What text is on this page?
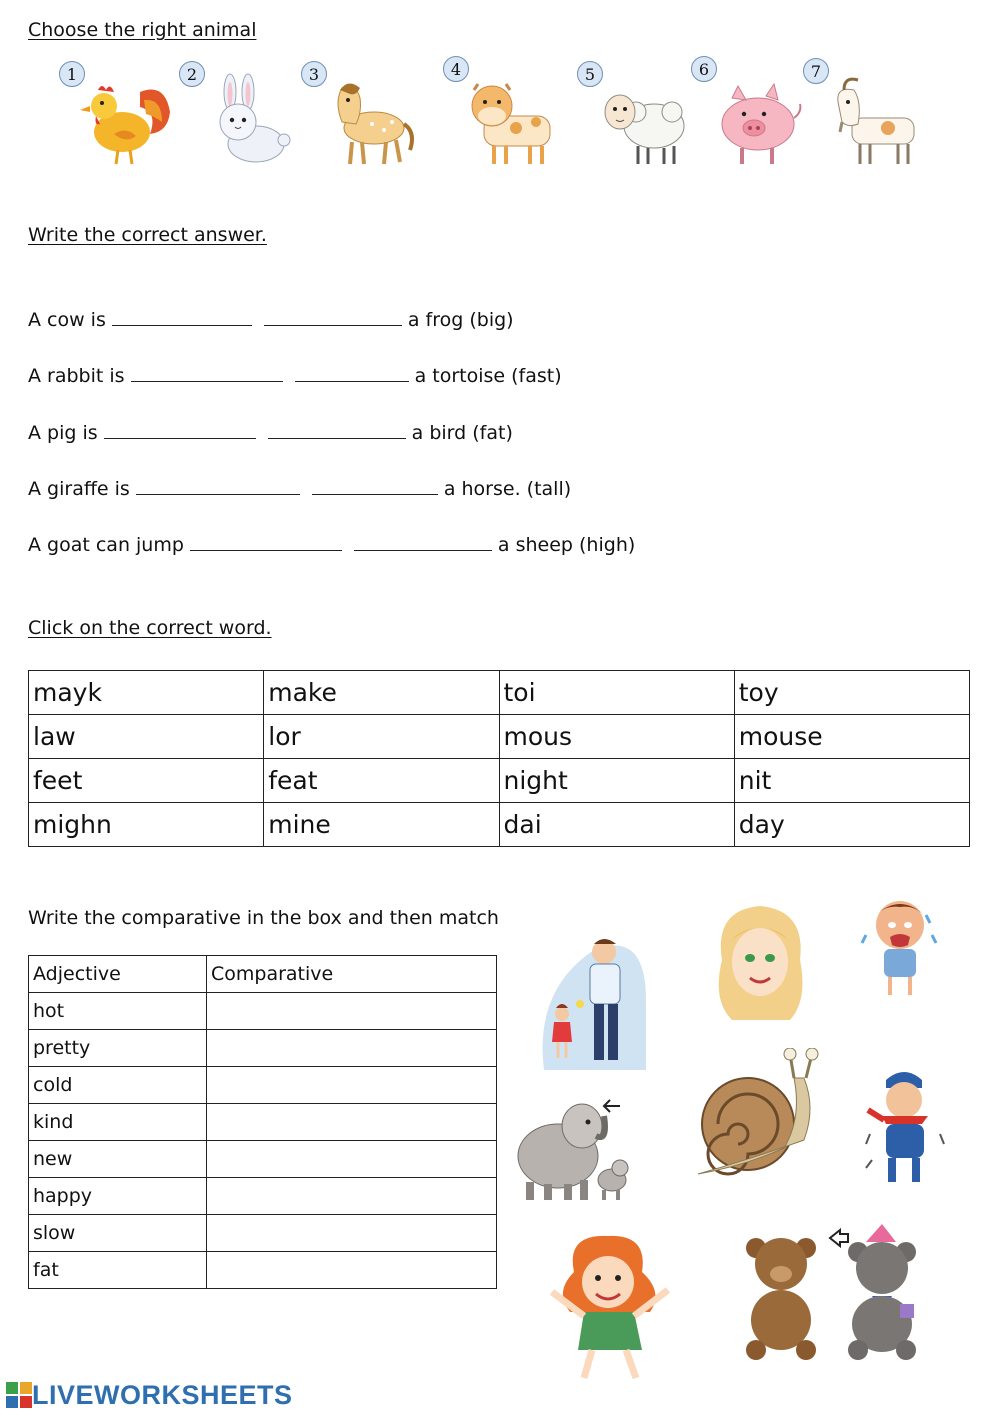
Choose the right animal
1	2	3	4	5	6	7
Write the correct answer.
A cow is	a frog (big)
A rabbit is	a tortoise (fast)
A pig is	a bird (fat)
A giraffe is	a horse. (tall)
A goat can jump	a sheep (high)
Click on the correct word.
mayk	make	toi	toy
law	lor	mous	mouse
feet	feat	night	nit
mighn	mine	dai	day
Write the comparative in the box and then match
Adjective	Comparative
hot	
pretty	
cold	
kind	
new	
happy	
slow	
fat	
LIVEWORKSHEETS
